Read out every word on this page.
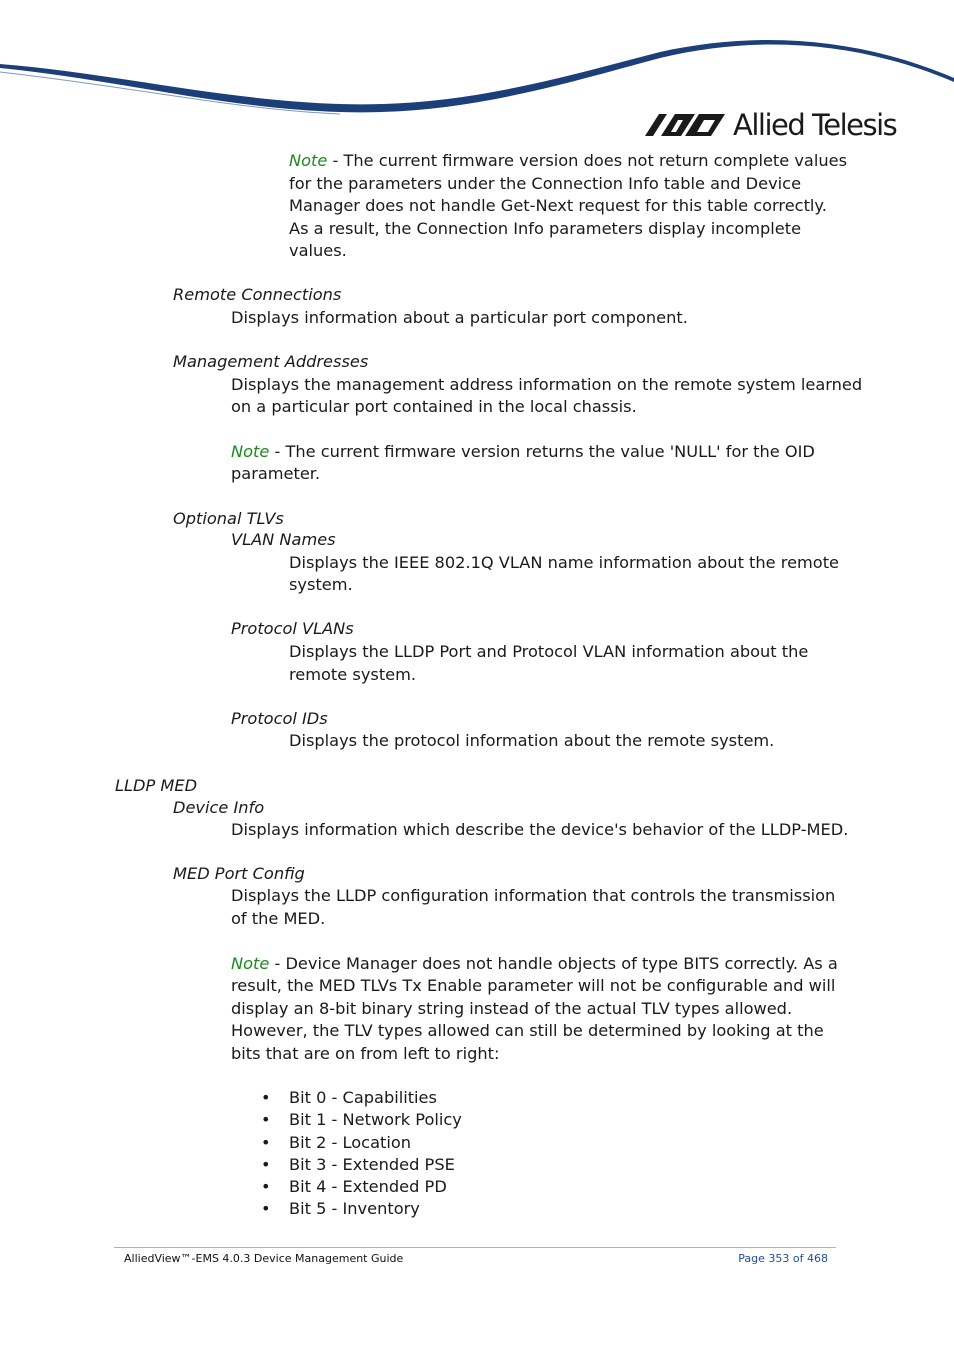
Allied Telesis
Note - The current firmware version does not return complete values
for the parameters under the Connection Info table and Device
Manager does not handle Get-Next request for this table correctly.
As a result, the Connection Info parameters display incomplete
values.
Remote Connections
Displays information about a particular port component.
Management Addresses
Displays the management address information on the remote system learned
on a particular port contained in the local chassis.
Note - The current firmware version returns the value 'NULL' for the OID
parameter.
Optional TLVs
VLAN Names
Displays the IEEE 802.1Q VLAN name information about the remote
system.
Protocol VLANs
Displays the LLDP Port and Protocol VLAN information about the
remote system.
Protocol IDs
Displays the protocol information about the remote system.
LLDP MED
Device Info
Displays information which describe the device's behavior of the LLDP-MED.
MED Port Config
Displays the LLDP configuration information that controls the transmission
of the MED.
Note - Device Manager does not handle objects of type BITS correctly. As a
result, the MED TLVs Tx Enable parameter will not be configurable and will
display an 8-bit binary string instead of the actual TLV types allowed.
However, the TLV types allowed can still be determined by looking at the
bits that are on from left to right:
• Bit 0 - Capabilities
• Bit 1 - Network Policy
• Bit 2 - Location
• Bit 3 - Extended PSE
• Bit 4 - Extended PD
• Bit 5 - Inventory
AlliedView™-EMS 4.0.3 Device Management Guide	Page 353 of 468
